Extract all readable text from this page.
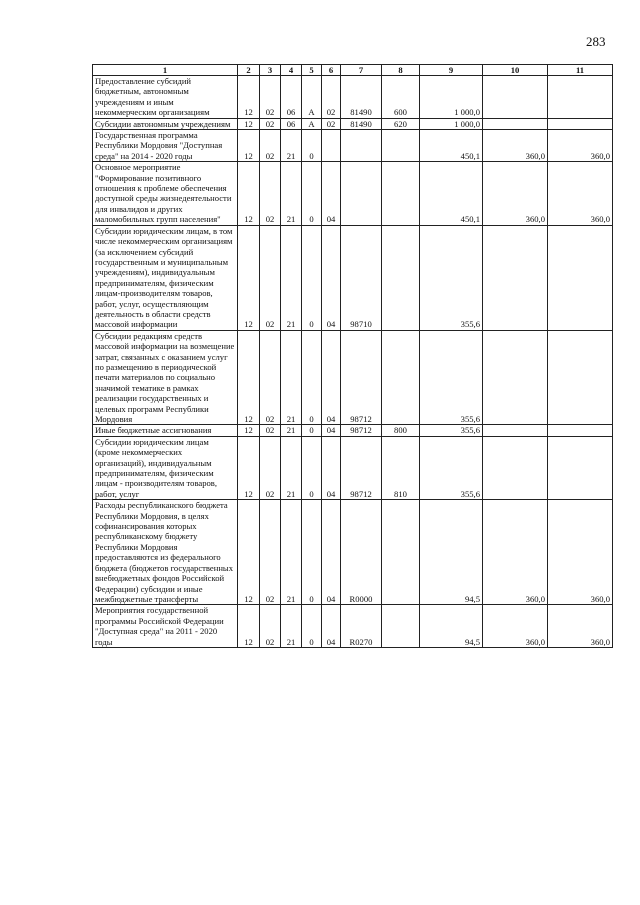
283
1	2	3	4	5	6	7	8	9	10	11
Предоставление субсидий бюджетным, автономным учреждениям и иным некоммерческим организациям	12	02	06	А	02	81490	600	1 000,0		
Субсидии автономным учреждениям	12	02	06	А	02	81490	620	1 000,0		
Государственная программа Республики Мордовия "Доступная среда" на 2014 - 2020 годы	12	02	21	0				450,1	360,0	360,0
Основное мероприятие "Формирование позитивного отношения к проблеме обеспечения доступной среды жизнедеятельности для инвалидов и других маломобильных групп населения"	12	02	21	0	04			450,1	360,0	360,0
Субсидии юридическим лицам, в том числе некоммерческим организациям (за исключением субсидий государственным и муниципальным учреждениям), индивидуальным предпринимателям, физическим лицам-производителям товаров, работ, услуг, осуществляющим деятельность в области средств массовой информации	12	02	21	0	04	98710		355,6		
Субсидии редакциям средств массовой информации на возмещение затрат, связанных с оказанием услуг по размещению в периодической печати материалов по социально значимой тематике в рамках реализации государственных и целевых программ Республики Мордовия	12	02	21	0	04	98712		355,6		
Иные бюджетные ассигнования	12	02	21	0	04	98712	800	355,6		
Субсидии юридическим лицам (кроме некоммерческих организаций), индивидуальным предпринимателям, физическим лицам - производителям товаров, работ, услуг	12	02	21	0	04	98712	810	355,6		
Расходы республиканского бюджета Республики Мордовия, в целях софинансирования которых республиканскому бюджету Республики Мордовия предоставляются из федерального бюджета (бюджетов государственных внебюджетных фондов Российской Федерации) субсидии и иные межбюджетные трансферты	12	02	21	0	04	R0000		94,5	360,0	360,0
Мероприятия государственной программы Российской Федерации "Доступная среда" на 2011 - 2020 годы	12	02	21	0	04	R0270		94,5	360,0	360,0
